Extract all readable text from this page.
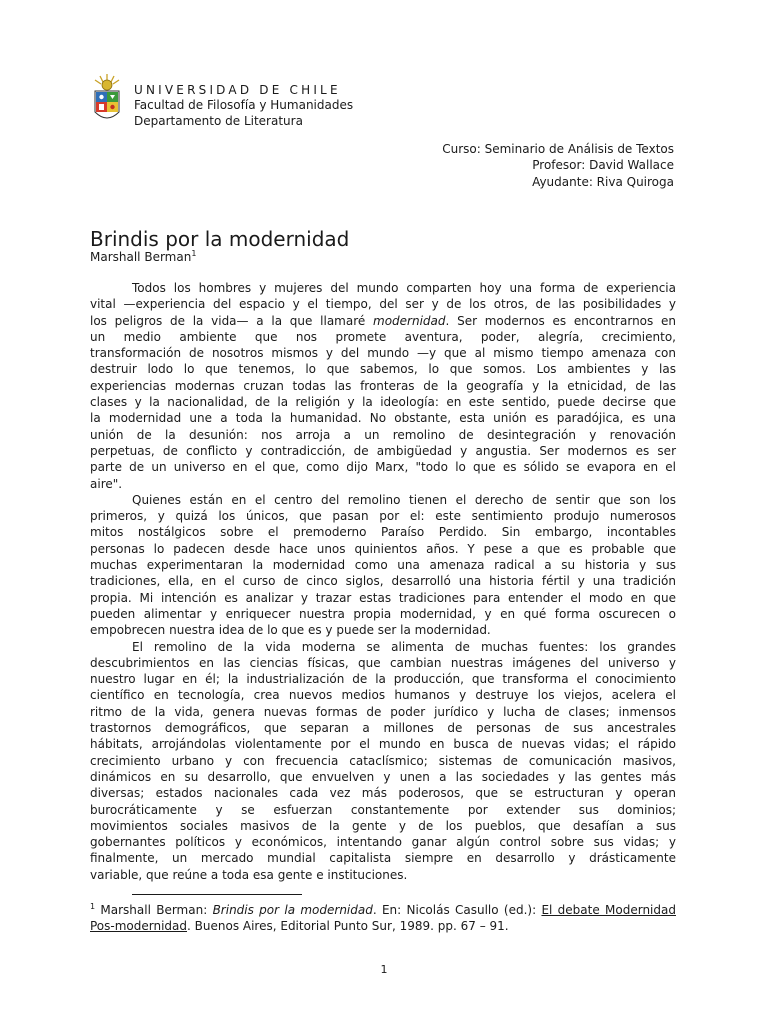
UNIVERSIDAD DE CHILE
Facultad de Filosofía y Humanidades
Departamento de Literatura
Curso: Seminario de Análisis de Textos
Profesor: David Wallace
Ayudante: Riva Quiroga
Brindis por la modernidad
Marshall Berman$^1$
Todos los hombres y mujeres del mundo comparten hoy una forma de experiencia
vital —experiencia del espacio y el tiempo, del ser y de los otros, de las posibilidades y
los peligros de la vida— a la que llamaré modernidad. Ser modernos es encontrarnos en
un medio ambiente que nos promete aventura, poder, alegría, crecimiento,
transformación de nosotros mismos y del mundo —y que al mismo tiempo amenaza con
destruir lodo lo que tenemos, lo que sabemos, lo que somos. Los ambientes y las
experiencias modernas cruzan todas las fronteras de la geografía y la etnicidad, de las
clases y la nacionalidad, de la religión y la ideología: en este sentido, puede decirse que
la modernidad une a toda la humanidad. No obstante, esta unión es paradójica, es una
unión de la desunión: nos arroja a un remolino de desintegración y renovación
perpetuas, de conflicto y contradicción, de ambigüedad y angustia. Ser modernos es ser
parte de un universo en el que, como dijo Marx, "todo lo que es sólido se evapora en el
aire".
Quienes están en el centro del remolino tienen el derecho de sentir que son los
primeros, y quizá los únicos, que pasan por el: este sentimiento produjo numerosos
mitos nostálgicos sobre el premoderno Paraíso Perdido. Sin embargo, incontables
personas lo padecen desde hace unos quinientos años. Y pese a que es probable que
muchas experimentaran la modernidad como una amenaza radical a su historia y sus
tradiciones, ella, en el curso de cinco siglos, desarrolló una historia fértil y una tradición
propia. Mi intención es analizar y trazar estas tradiciones para entender el modo en que
pueden alimentar y enriquecer nuestra propia modernidad, y en qué forma oscurecen o
empobrecen nuestra idea de lo que es y puede ser la modernidad.
El remolino de la vida moderna se alimenta de muchas fuentes: los grandes
descubrimientos en las ciencias físicas, que cambian nuestras imágenes del universo y
nuestro lugar en él; la industrialización de la producción, que transforma el conocimiento
científico en tecnología, crea nuevos medios humanos y destruye los viejos, acelera el
ritmo de la vida, genera nuevas formas de poder jurídico y lucha de clases; inmensos
trastornos demográficos, que separan a millones de personas de sus ancestrales
hábitats, arrojándolas violentamente por el mundo en busca de nuevas vidas; el rápido
crecimiento urbano y con frecuencia cataclísmico; sistemas de comunicación masivos,
dinámicos en su desarrollo, que envuelven y unen a las sociedades y las gentes más
diversas; estados nacionales cada vez más poderosos, que se estructuran y operan
burocráticamente y se esfuerzan constantemente por extender sus dominios;
movimientos sociales masivos de la gente y de los pueblos, que desafían a sus
gobernantes políticos y económicos, intentando ganar algún control sobre sus vidas; y
finalmente, un mercado mundial capitalista siempre en desarrollo y drásticamente
variable, que reúne a toda esa gente e instituciones.
$^1$ Marshall Berman: Brindis por la modernidad. En: Nicolás Casullo (ed.): El debate Modernidad
Pos-modernidad. Buenos Aires, Editorial Punto Sur, 1989. pp. 67 – 91.
1
